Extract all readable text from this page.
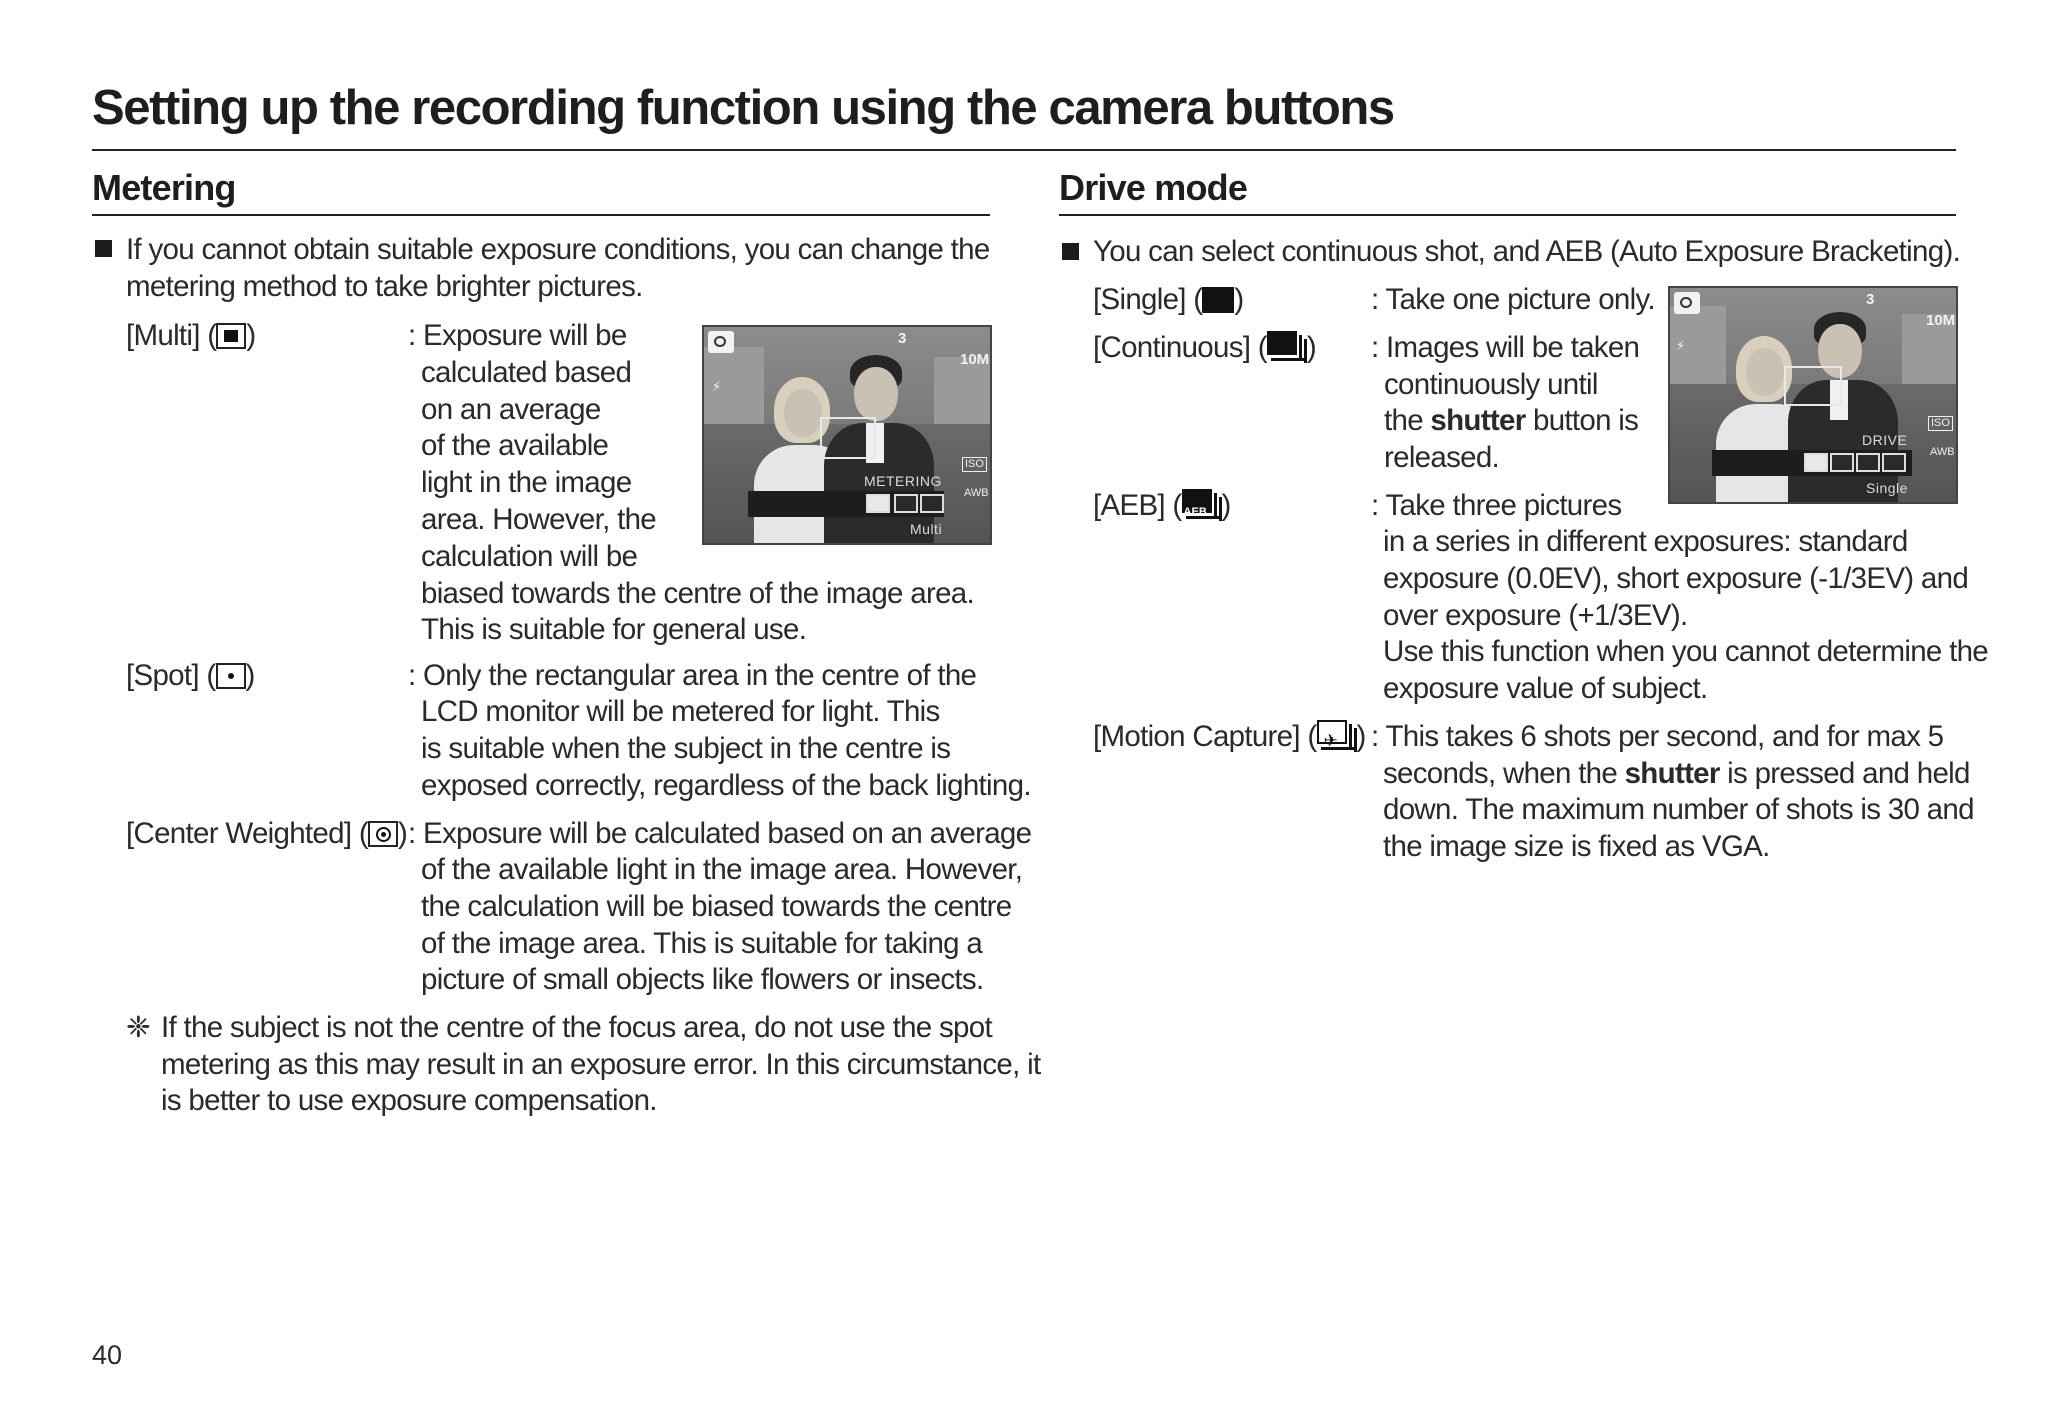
Setting up the recording function using the camera buttons
Metering
If you cannot obtain suitable exposure conditions, you can change the
metering method to take brighter pictures.
[Multi] ( )	: Exposure will be
calculated based
on an average
of the available
light in the image
area. However, the
calculation will be
biased towards the centre of the image area.
This is suitable for general use.
3
10M
⚡
ISO
AWB
METERING
Multi
[Spot] ( )	: Only the rectangular area in the centre of the
LCD monitor will be metered for light. This
is suitable when the subject in the centre is
exposed correctly, regardless of the back lighting.
[Center Weighted] ( ) : Exposure will be calculated based on an average
of the available light in the image area. However,
the calculation will be biased towards the centre
of the image area. This is suitable for taking a
picture of small objects like flowers or insects.
❈ If the subject is not the centre of the focus area, do not use the spot
metering as this may result in an exposure error. In this circumstance, it
is better to use exposure compensation.
Drive mode
You can select continuous shot, and AEB (Auto Exposure Bracketing).
[Single] ( )	: Take one picture only.
[Continuous] ( ) : Images will be taken
continuously until
the shutter button is
released.
3
10M
⚡
ISO
AWB
DRIVE
Single
[AEB] ( AEB )	: Take three pictures
in a series in different exposures: standard
exposure (0.0EV), short exposure (-1/3EV) and
over exposure (+1/3EV).
Use this function when you cannot determine the
exposure value of subject.
[Motion Capture] ( ✈ ) : This takes 6 shots per second, and for max 5
seconds, when the shutter is pressed and held
down. The maximum number of shots is 30 and
the image size is fixed as VGA.
40
